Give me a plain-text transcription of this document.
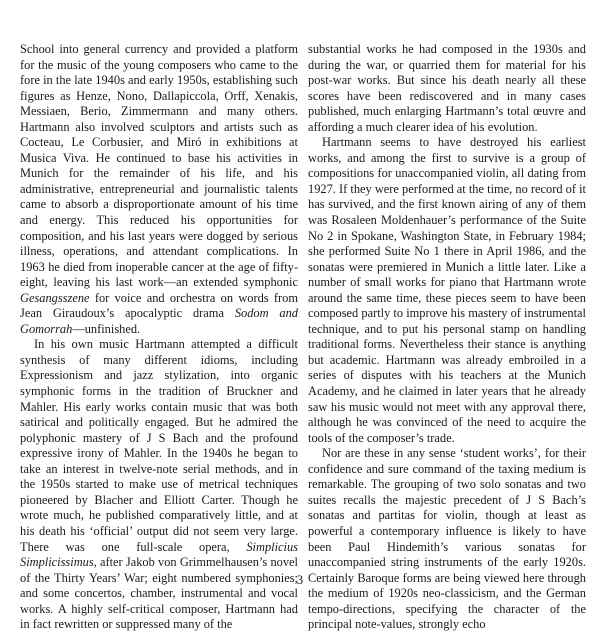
School into general currency and provided a platform for the music of the young composers who came to the fore in the late 1940s and early 1950s, establishing such figures as Henze, Nono, Dallapiccola, Orff, Xenakis, Messiaen, Berio, Zimmermann and many others. Hartmann also involved sculptors and artists such as Cocteau, Le Corbusier, and Miró in exhibitions at Musica Viva. He continued to base his activities in Munich for the remainder of his life, and his administrative, entrepreneurial and journalistic talents came to absorb a disproportionate amount of his time and energy. This reduced his opportunities for composition, and his last years were dogged by serious illness, operations, and attendant complications. In 1963 he died from inoperable cancer at the age of fifty-eight, leaving his last work—an extended symphonic Gesangsszene for voice and orchestra on words from Jean Giraudoux’s apocalyptic drama Sodom and Gomorrah—unfinished.

In his own music Hartmann attempted a difficult synthesis of many different idioms, including Expressionism and jazz stylization, into organic symphonic forms in the tradition of Bruckner and Mahler. His early works contain music that was both satirical and politically engaged. But he admired the polyphonic mastery of J S Bach and the profound expressive irony of Mahler. In the 1940s he began to take an interest in twelve-note serial methods, and in the 1950s started to make use of metrical techniques pioneered by Blacher and Elliott Carter. Though he wrote much, he published comparatively little, and at his death his ‘official’ output did not seem very large. There was one full-scale opera, Simplicius Simplicissimus, after Jakob von Grimmelhausen’s novel of the Thirty Years’ War; eight numbered symphonies; and some concertos, chamber, instrumental and vocal works. A highly self-critical composer, Hartmann had in fact rewritten or suppressed many of the

substantial works he had composed in the 1930s and during the war, or quarried them for material for his post-war works. But since his death nearly all these scores have been rediscovered and in many cases published, much enlarging Hartmann’s total œuvre and affording a much clearer idea of his evolution.

Hartmann seems to have destroyed his earliest works, and among the first to survive is a group of compositions for unaccompanied violin, all dating from 1927. If they were performed at the time, no record of it has survived, and the first known airing of any of them was Rosaleen Moldenhauer’s performance of the Suite No 2 in Spokane, Washington State, in February 1984; she performed Suite No 1 there in April 1986, and the sonatas were premiered in Munich a little later. Like a number of small works for piano that Hartmann wrote around the same time, these pieces seem to have been composed partly to improve his mastery of instrumental technique, and to put his personal stamp on handling traditional forms. Nevertheless their stance is anything but academic. Hartmann was already embroiled in a series of disputes with his teachers at the Munich Academy, and he claimed in later years that he already saw his music would not meet with any approval there, although he was convinced of the need to acquire the tools of the composer’s trade.

Nor are these in any sense ‘student works’, for their confidence and sure command of the taxing medium is remarkable. The grouping of two solo sonatas and two suites recalls the majestic precedent of J S Bach’s sonatas and partitas for violin, though at least as powerful a contemporary influence is likely to have been Paul Hindemith’s various sonatas for unaccompanied string instruments of the early 1920s. Certainly Baroque forms are being viewed here through the medium of 1920s neo-classicism, and the German tempo-directions, specifying the character of the principal note-values, strongly echo

3
